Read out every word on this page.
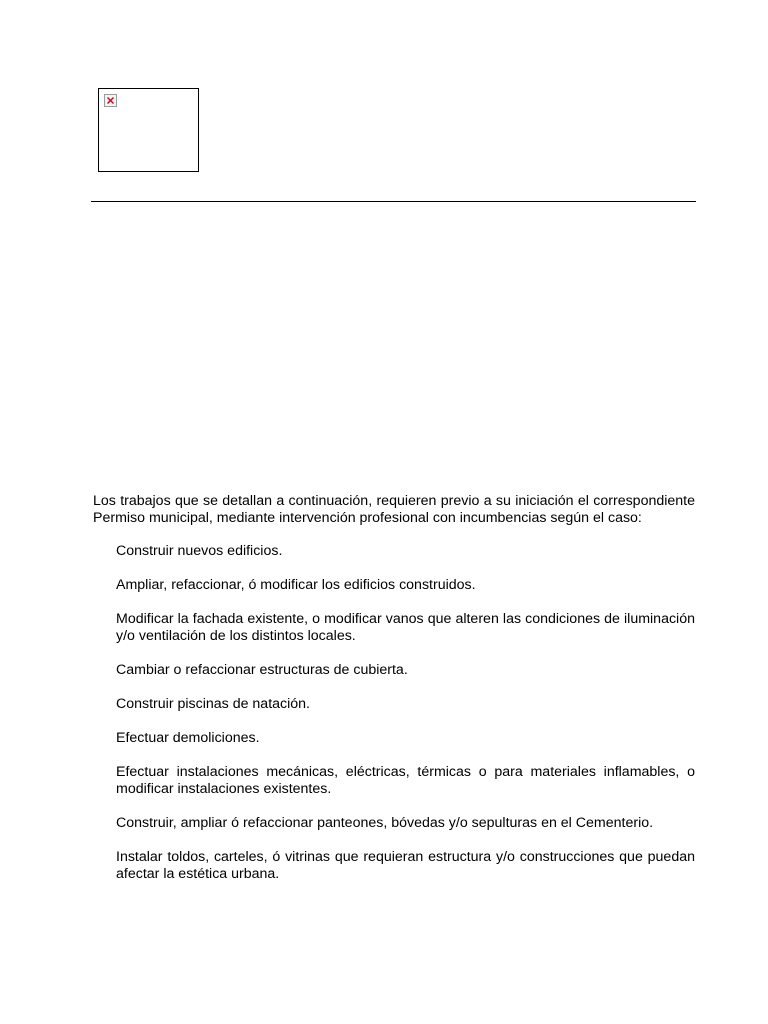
Los trabajos que se detallan a continuación, requieren previo a su iniciación el correspondiente Permiso municipal, mediante intervención profesional con incumbencias según el caso:

Construir nuevos edificios.
Ampliar, refaccionar, ó modificar los edificios construidos.
Modificar la fachada existente, o modificar vanos que alteren las condiciones de iluminación y/o ventilación de los distintos locales.
Cambiar o refaccionar estructuras de cubierta.
Construir piscinas de natación.
Efectuar demoliciones.
Efectuar instalaciones mecánicas, eléctricas, térmicas o para materiales inflamables, o modificar instalaciones existentes.
Construir, ampliar ó refaccionar panteones, bóvedas y/o sepulturas en el Cementerio.
Instalar toldos, carteles, ó vitrinas que requieran estructura y/o construcciones que puedan afectar la estética urbana.
